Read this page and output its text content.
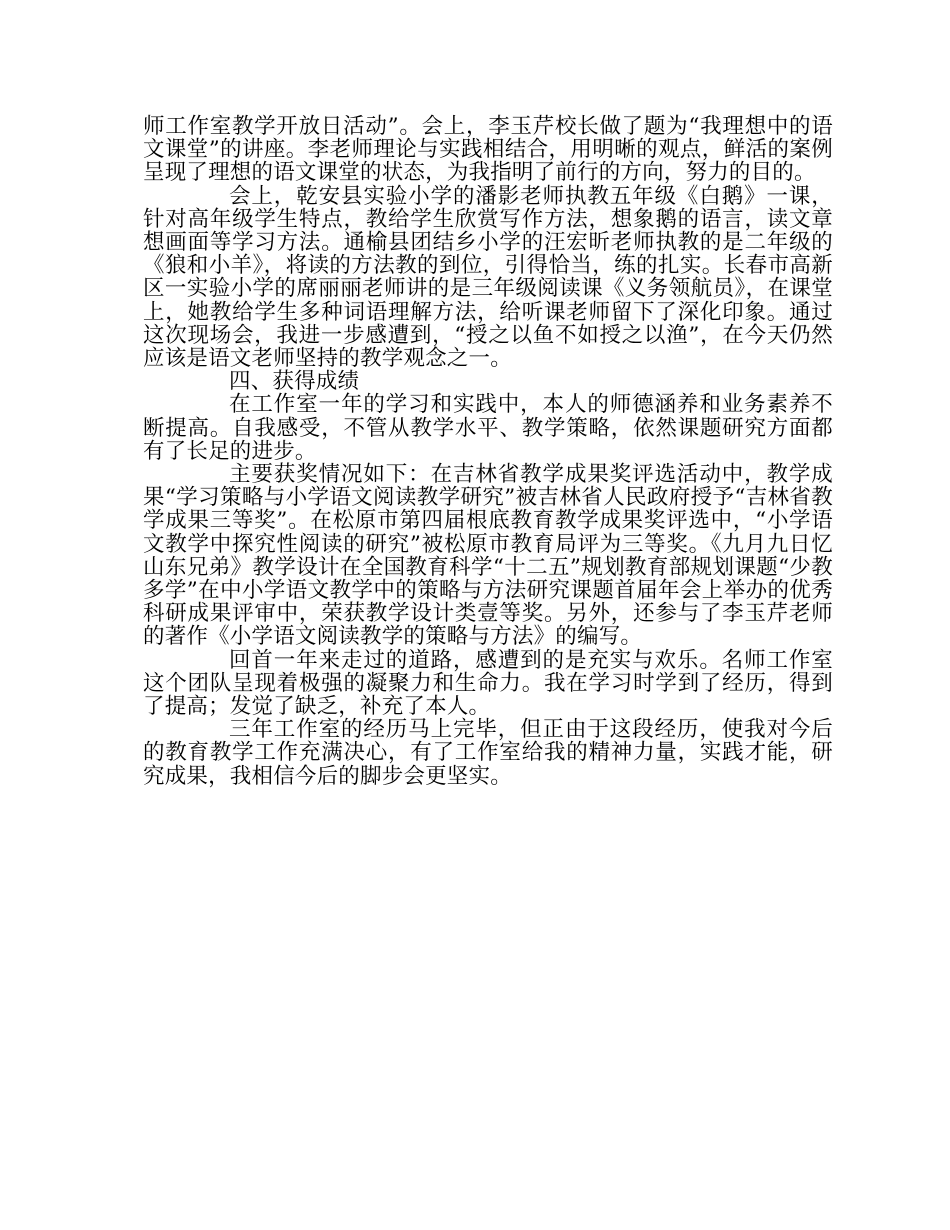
师工作室教学开放日活动”。会上，李玉芹校长做了题为“我理想中的语文课堂”的讲座。李老师理论与实践相结合，用明晰的观点，鲜活的案例呈现了理想的语文课堂的状态，为我指明了前行的方向，努力的目的。

会上，乾安县实验小学的潘影老师执教五年级《白鹅》一课，针对高年级学生特点，教给学生欣赏写作方法，想象鹅的语言，读文章想画面等学习方法。通榆县团结乡小学的汪宏昕老师执教的是二年级的《狼和小羊》，将读的方法教的到位，引得恰当，练的扎实。长春市高新区一实验小学的席丽丽老师讲的是三年级阅读课《义务领航员》，在课堂上，她教给学生多种词语理解方法，给听课老师留下了深化印象。通过这次现场会，我进一步感遭到，“授之以鱼不如授之以渔”，在今天仍然应该是语文老师坚持的教学观念之一。

四、获得成绩

在工作室一年的学习和实践中，本人的师德涵养和业务素养不断提高。自我感受，不管从教学水平、教学策略，依然课题研究方面都有了长足的进步。

主要获奖情况如下：在吉林省教学成果奖评选活动中，教学成果“学习策略与小学语文阅读教学研究”被吉林省人民政府授予“吉林省教学成果三等奖”。在松原市第四届根底教育教学成果奖评选中，“小学语文教学中探究性阅读的研究”被松原市教育局评为三等奖。《九月九日忆山东兄弟》教学设计在全国教育科学“十二五”规划教育部规划课题“少教多学”在中小学语文教学中的策略与方法研究课题首届年会上举办的优秀科研成果评审中，荣获教学设计类壹等奖。另外，还参与了李玉芹老师的著作《小学语文阅读教学的策略与方法》的编写。

回首一年来走过的道路，感遭到的是充实与欢乐。名师工作室这个团队呈现着极强的凝聚力和生命力。我在学习时学到了经历，得到了提高；发觉了缺乏，补充了本人。

三年工作室的经历马上完毕，但正由于这段经历，使我对今后的教育教学工作充满决心，有了工作室给我的精神力量，实践才能，研究成果，我相信今后的脚步会更坚实。
